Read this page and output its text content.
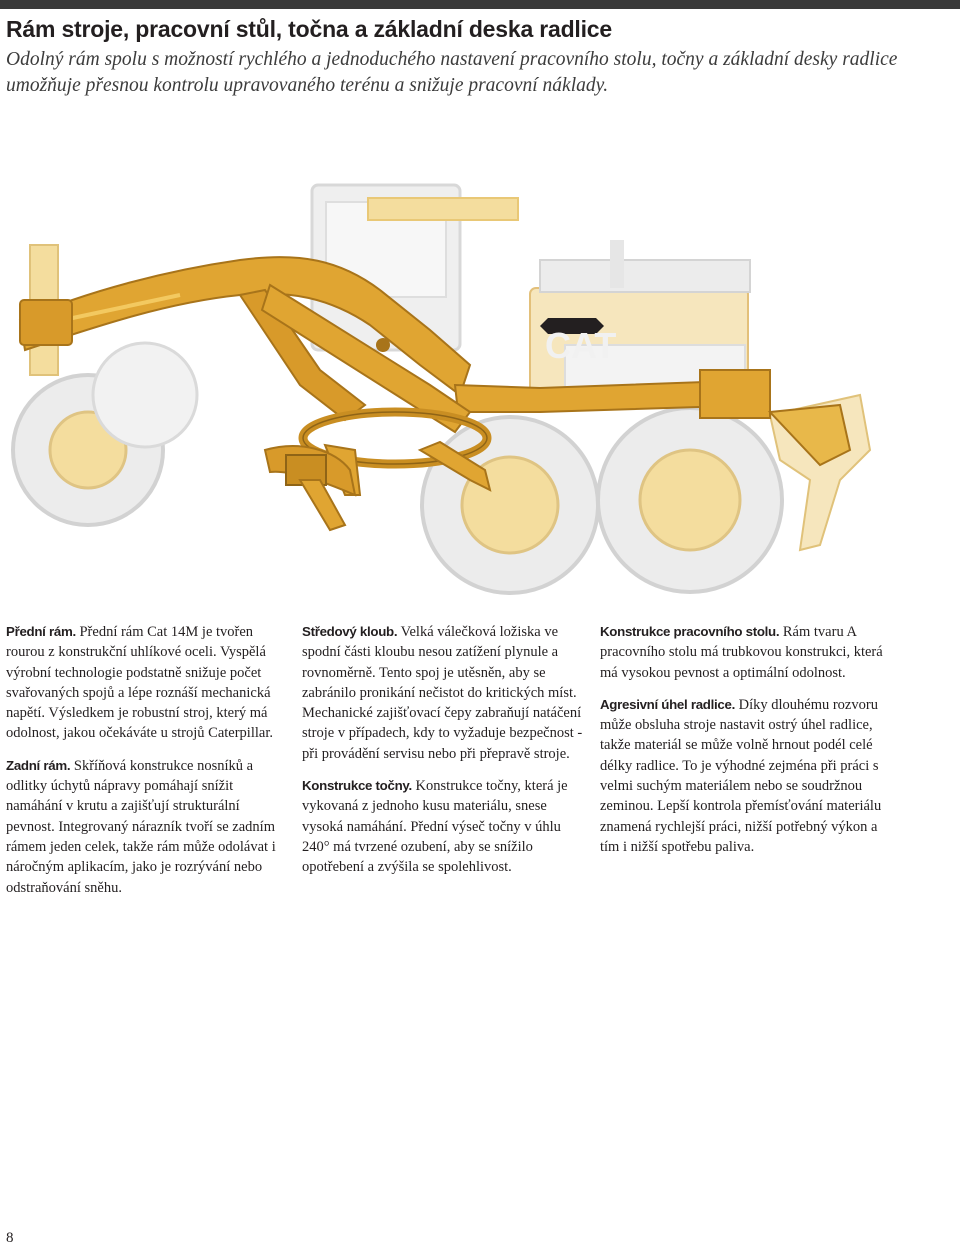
Rám stroje, pracovní stůl, točna a základní deska radlice

Odolný rám spolu s možností rychlého a jednoduchého nastavení pracovního stolu, točny a základní desky radlice umožňuje přesnou kontrolu upravovaného terénu a snižuje pracovní náklady.

CAT

Přední rám. Přední rám Cat 14M je tvořen rourou z konstrukční uhlíkové oceli. Vyspělá výrobní technologie podstatně snižuje počet svařovaných spojů a lépe roznáší mechanická napětí. Výsledkem je robustní stroj, který má odolnost, jakou očekáváte u strojů Caterpillar.

Zadní rám. Skříňová konstrukce nosníků a odlitky úchytů nápravy pomáhají snížit namáhání v krutu a zajišťují strukturální pevnost. Integrovaný nárazník tvoří se zadním rámem jeden celek, takže rám může odolávat i náročným aplikacím, jako je rozrývání nebo odstraňování sněhu.

Středový kloub. Velká válečková ložiska ve spodní části kloubu nesou zatížení plynule a rovnoměrně. Tento spoj je utěsněn, aby se zabránilo pronikání nečistot do kritických míst. Mechanické zajišťovací čepy zabraňují natáčení stroje v případech, kdy to vyžaduje bezpečnost - při provádění servisu nebo při přepravě stroje.

Konstrukce točny. Konstrukce točny, která je vykovaná z jednoho kusu materiálu, snese vysoká namáhání. Přední výseč točny v úhlu 240° má tvrzené ozubení, aby se snížilo opotřebení a zvýšila se spolehlivost.

Konstrukce pracovního stolu. Rám tvaru A pracovního stolu má trubkovou konstrukci, která má vysokou pevnost a optimální odolnost.

Agresivní úhel radlice. Díky dlouhému rozvoru může obsluha stroje nastavit ostrý úhel radlice, takže materiál se může volně hrnout podél celé délky radlice. To je výhodné zejména při práci s velmi suchým materiálem nebo se soudržnou zeminou. Lepší kontrola přemísťování materiálu znamená rychlejší práci, nižší potřebný výkon a tím i nižší spotřebu paliva.

8
